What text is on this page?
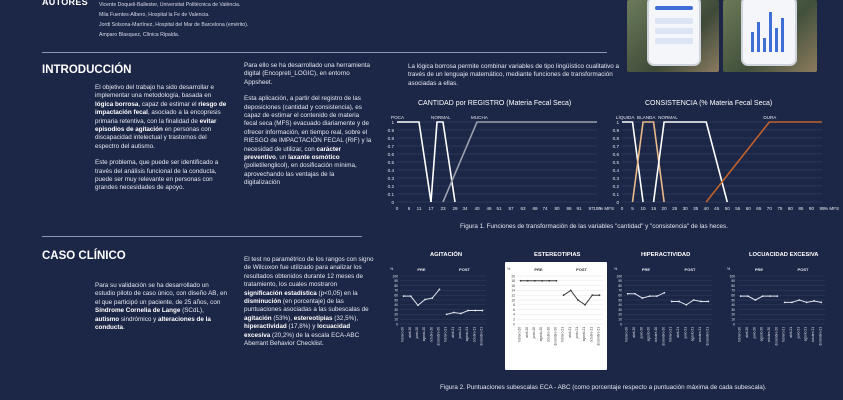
AUTORES Vicente Doqueli-Ballester, Universitat Politècnica de València.
Mila Fuentes-Albero, Hospital la Fe de Valencia.
Jordi Solsona-Martínez, Hospital del Mar de Barcelona (emérito).
Amparo Blasquez, Clínica Ripalda.
INTRODUCCIÓN

El objetivo del trabajo ha sido desarrollar e implementar una metodología, basada en lógica borrosa, capaz de estimar el riesgo de impactación fecal, asociado a la encopresis primaria retentiva, con la finalidad de evitar episodios de agitación en personas con discapacidad intelectual y trastornos del espectro del autismo.

Este problema, que puede ser identificado a través del análisis funcional de la conducta, puede ser muy relevante en personas con grandes necesidades de apoyo.

Para ello se ha desarrollado una herramienta digital (Encopreti_LOGIC), en entorno Appsheet.

Esta aplicación, a partir del registro de las deposiciones (cantidad y consistencia), es capaz de estimar el contenido de materia fecal seca (MFS) evacuado diariamente y de ofrecer información, en tiempo real, sobre el RIESGO de IMPACTACIÓN FECAL (RIF) y la necesidad de utilizar, con carácter preventivo, un laxante osmótico (polietilenglicol), en dosificación mínima, aprovechando las ventajas de la digitalización

La lógica borrosa permite combinar variables de tipo lingüístico cualitativo a través de un lenguaje matemático, mediante funciones de transformación asociadas a ellas.
CANTIDAD por REGISTRO (Materia Fecal Seca)
0
0.1
0.2
0.3
0.4
0.5
0.6
0.7
0.8
0.9
1
0 6 11 17 23 29 34 40 46 51 57 63 69 74 80 86 91 97 100
% MFS
POCA	NORMAL	MUCHA
CONSISTENCIA (% Materia Fecal Seca)
0
0.1
0.2
0.3
0.4
0.5
0.6
0.7
0.8
0.9
1
0 5 10 15 20 25 30 35 40 45 50 55 60 65 70 75 80 85 90 95 % MFS
LÍQUIDA BLANDA NORMAL	DURA
Figura 1. Funciones de transformación de las variables "cantidad" y "consistencia" de las heces.
CASO CLÍNICO

Para su validación se ha desarrollado un estudio piloto de caso único, con diseño AB, en el que participó un paciente, de 25 años, con Síndrome Cornelia de Lange (SCdL), autismo sindrómico y alteraciones de la conducta.

El test no paramétrico de los rangos con signo de Wilcoxon fue utilizado para analizar los resultados obtenidos durante 12 meses de tratamiento, los cuales mostraron significación estadística (p<0,05) en la disminución (en porcentaje) de las puntuaciones asociadas a las subescalas de agitación (53%), estereotipias (32,5%), hiperactividad (17,8%) y locuacidad excesiva (20,2%) de la escala ECA-ABC Aberrant Behavior Checklist.

AGITACIÓN
0
10
20
30
40
50
60
70
80
90
100
%	PRE	POST
febrero-20 abril-20 junio-20 agosto-20 octubre-20 diciembre-20 febrero-21 abril-21 junio-21 agosto-21 octubre-21 diciembre-21
ESTEREOTIPIAS
0
2
4
6
8
10
12
14
16
18
20
%	PRE	POST
febrero-20 abril-20 junio-20 agosto-20 octubre-20 diciembre-20 febrero-21 abril-21 junio-21 agosto-21 octubre-21 diciembre-21
HIPERACTIVIDAD
0
10
20
30
40
50
60
70
80
90
100
%	PRE	POST
febrero-20 abril-20 junio-20 agosto-20 octubre-20 diciembre-20 febrero-21 abril-21 junio-21 agosto-21 octubre-21 diciembre-21
LOCUACIDAD EXCESIVA
0
10
20
30
40
50
60
70
80
90
100
%	PRE	POST
febrero-20 abril-20 junio-20 agosto-20 octubre-20 diciembre-20 febrero-21 abril-21 junio-21 agosto-21 octubre-21 diciembre-21
Figura 2. Puntuaciones subescalas ECA - ABC (como porcentaje respecto a puntuación máxima de cada subescala).
